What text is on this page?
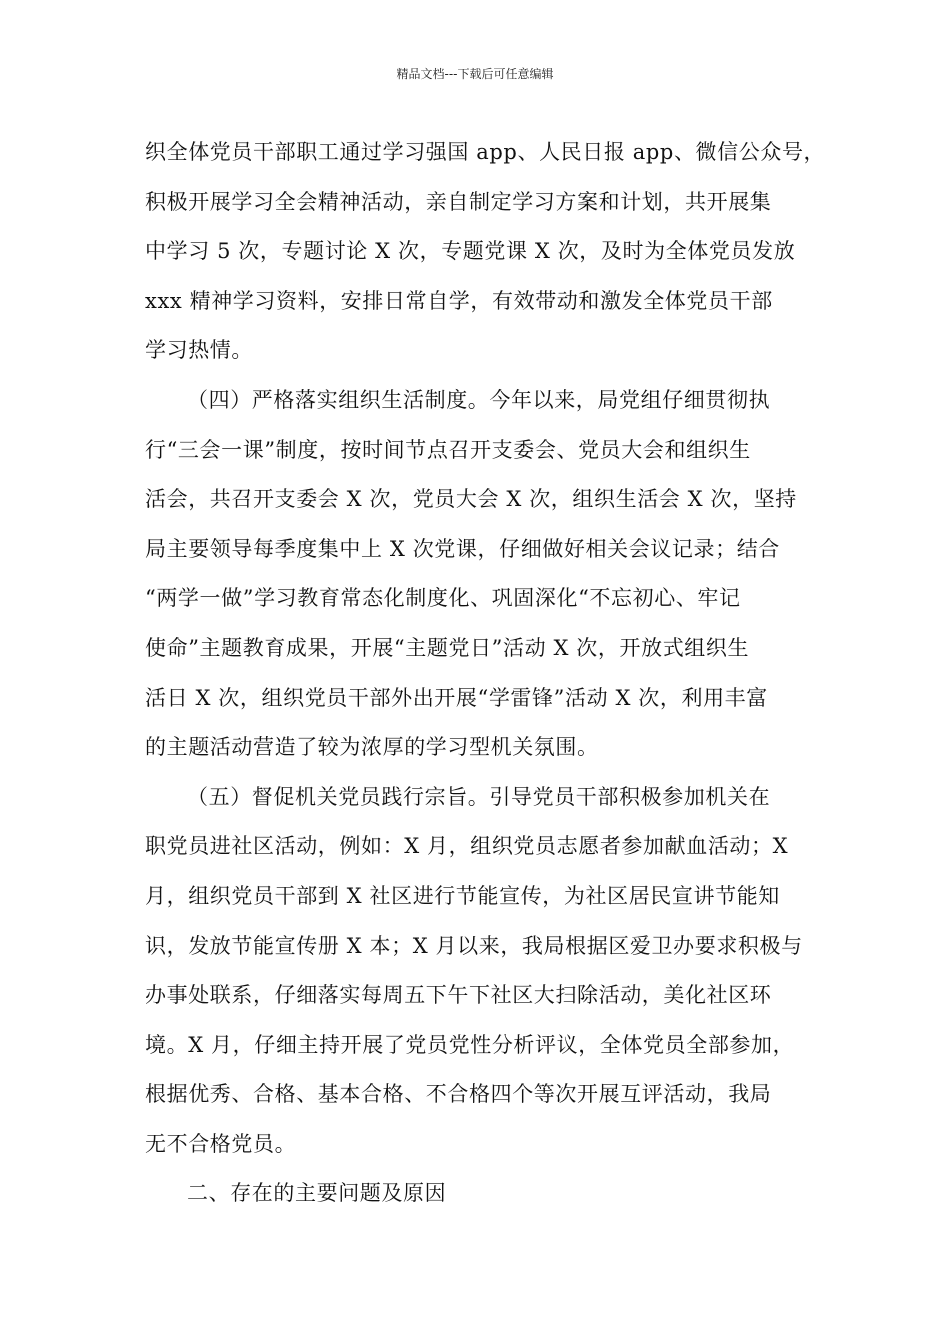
精品文档---下载后可任意编辑
织全体党员干部职工通过学习强国 app、人民日报 app、微信公众号，
积极开展学习全会精神活动，亲自制定学习方案和计划，共开展集
中学习 5 次，专题讨论 X 次，专题党课 X 次，及时为全体党员发放
xxx 精神学习资料，安排日常自学，有效带动和激发全体党员干部
学习热情。
（四）严格落实组织生活制度。今年以来，局党组仔细贯彻执
行“三会一课”制度，按时间节点召开支委会、党员大会和组织生
活会，共召开支委会 X 次，党员大会 X 次，组织生活会 X 次，坚持
局主要领导每季度集中上 X 次党课，仔细做好相关会议记录；结合
“两学一做”学习教育常态化制度化、巩固深化“不忘初心、牢记
使命”主题教育成果，开展“主题党日”活动 X 次，开放式组织生
活日 X 次，组织党员干部外出开展“学雷锋”活动 X 次，利用丰富
的主题活动营造了较为浓厚的学习型机关氛围。
（五）督促机关党员践行宗旨。引导党员干部积极参加机关在
职党员进社区活动，例如：X 月，组织党员志愿者参加献血活动；X
月，组织党员干部到 X 社区进行节能宣传，为社区居民宣讲节能知
识，发放节能宣传册 X 本；X 月以来，我局根据区爱卫办要求积极与
办事处联系，仔细落实每周五下午下社区大扫除活动，美化社区环
境。X 月，仔细主持开展了党员党性分析评议，全体党员全部参加，
根据优秀、合格、基本合格、不合格四个等次开展互评活动，我局
无不合格党员。
二、存在的主要问题及原因
